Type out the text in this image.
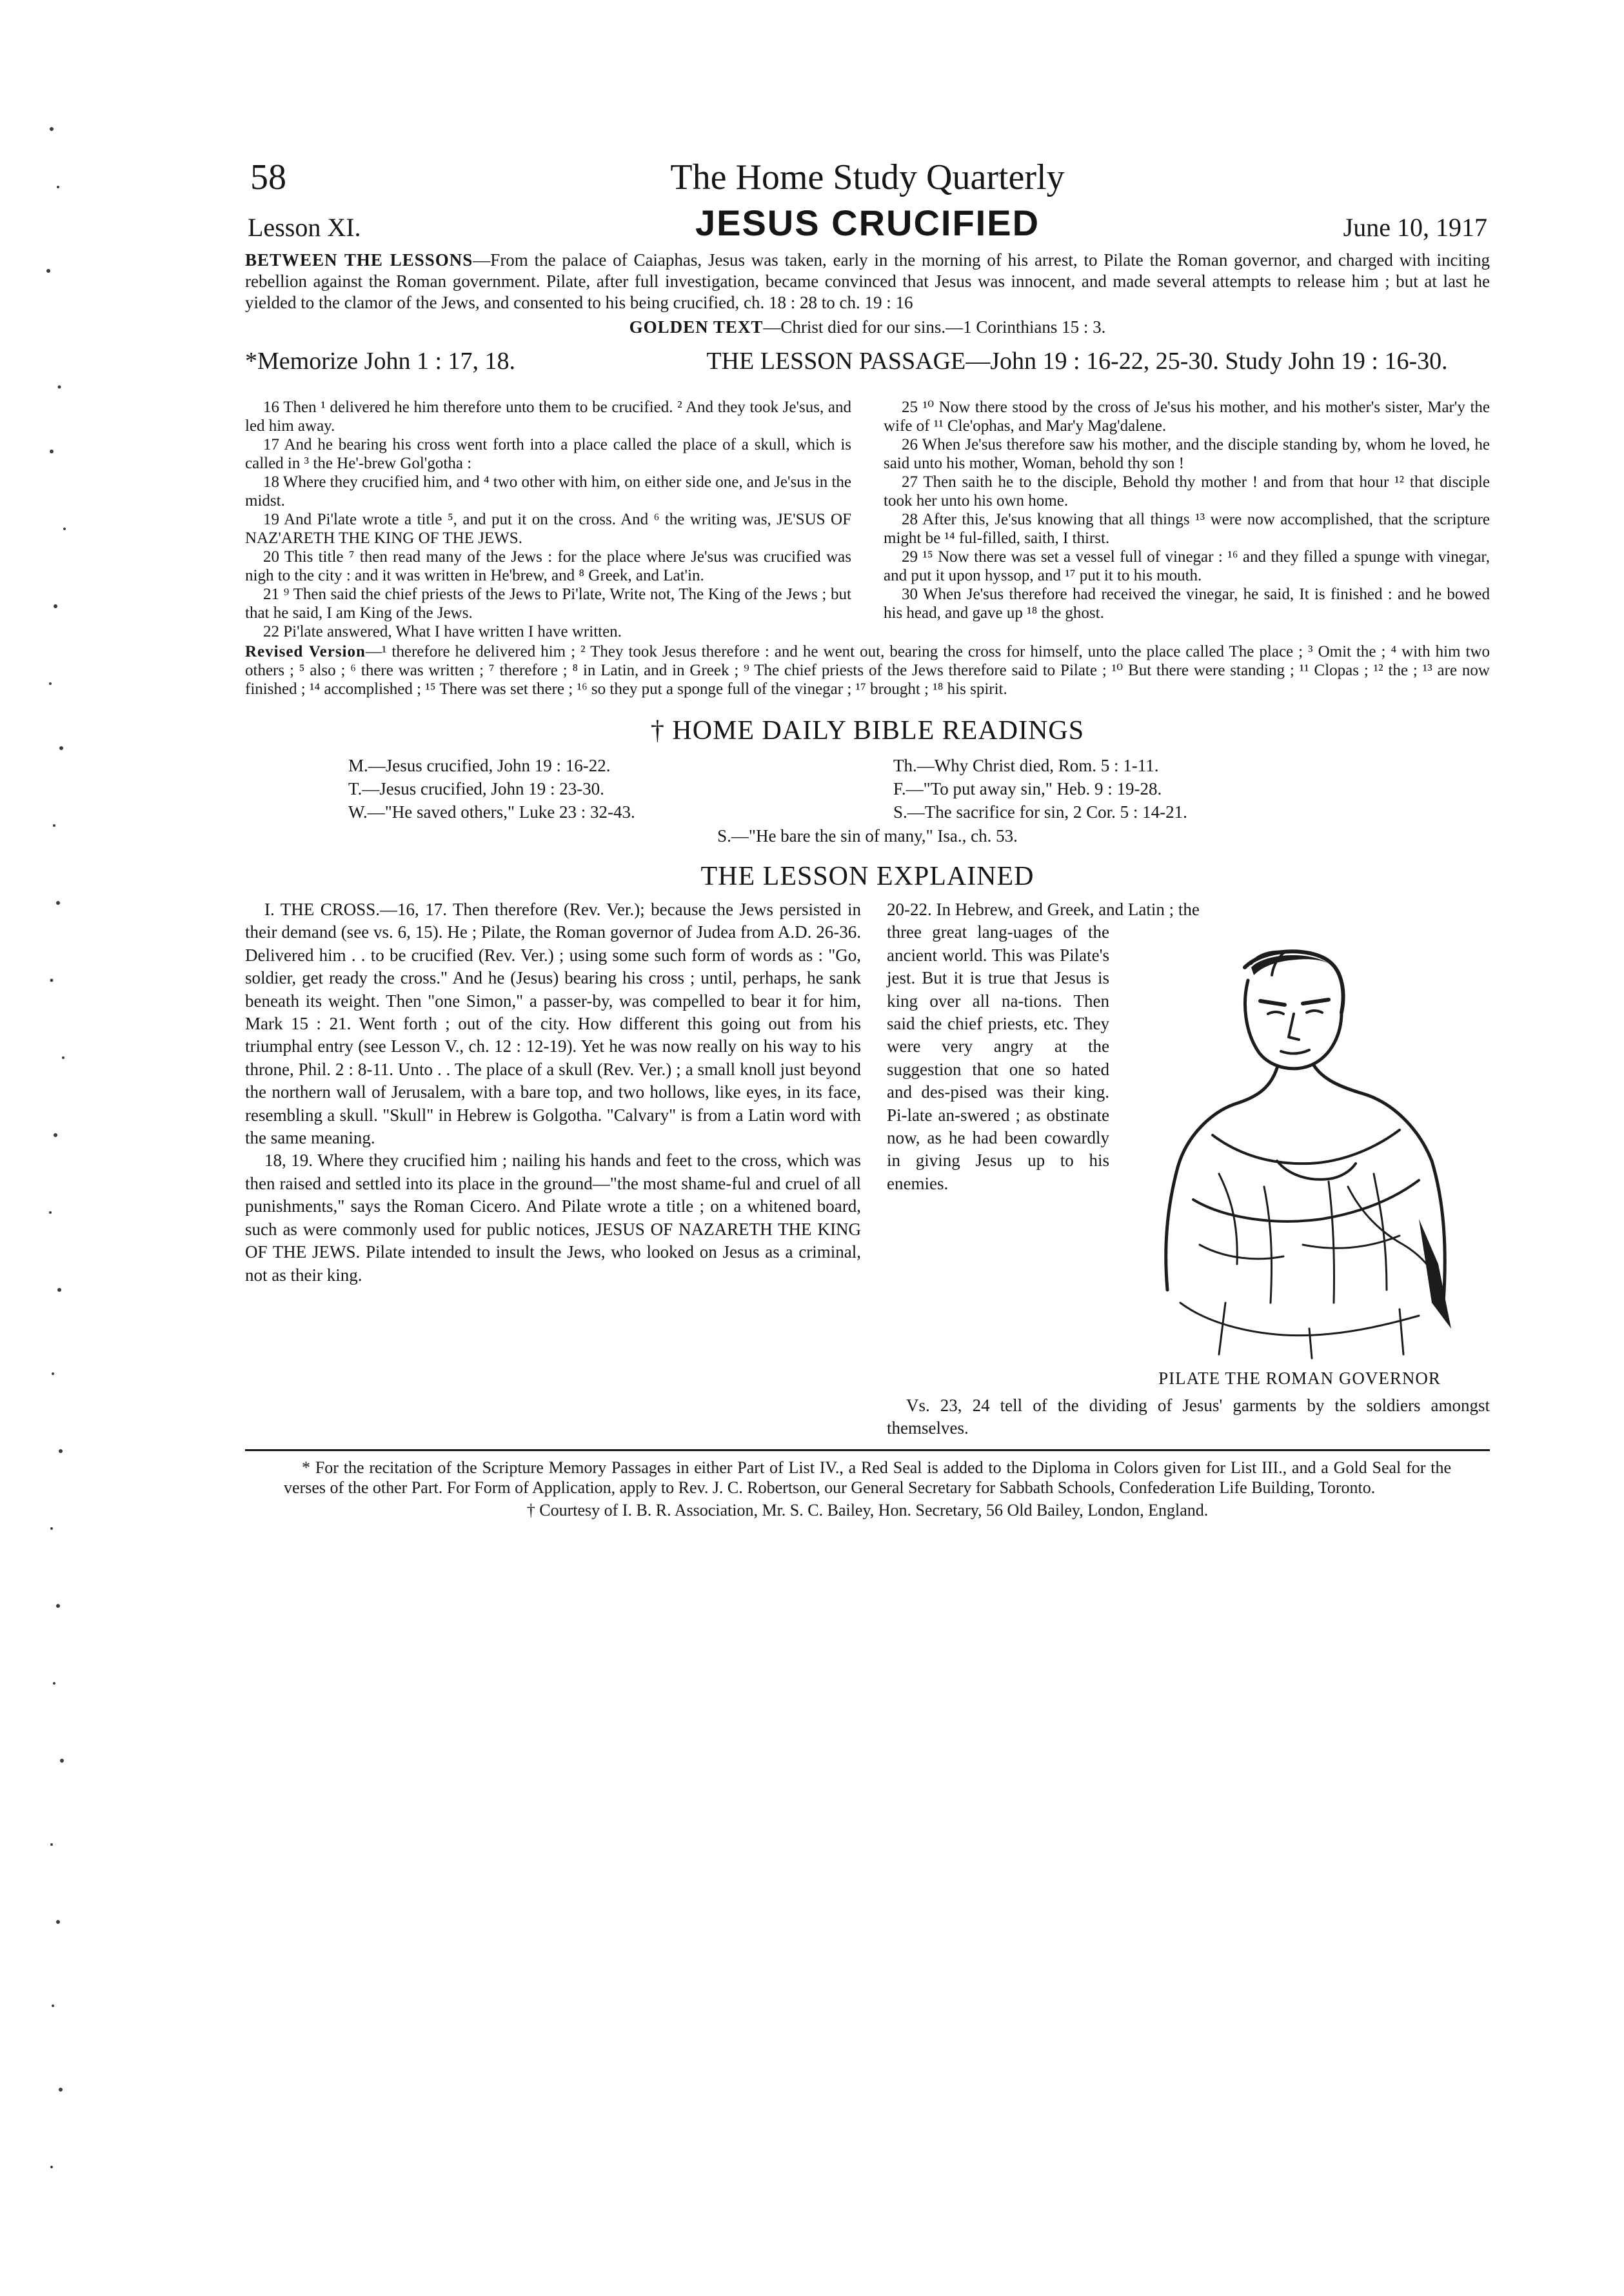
58	The Home Study Quarterly
Lesson XI.	JESUS CRUCIFIED	June 10, 1917
BETWEEN THE LESSONS—From the palace of Caiaphas, Jesus was taken, early in the morning of his arrest, to Pilate the Roman governor, and charged with inciting rebellion against the Roman government. Pilate, after full investigation, became convinced that Jesus was innocent, and made several attempts to release him ; but at last he yielded to the clamor of the Jews, and consented to his being crucified, ch. 18 : 28 to ch. 19 : 16
GOLDEN TEXT—Christ died for our sins.—1 Corinthians 15 : 3.
*Memorize John 1 : 17, 18.	THE LESSON PASSAGE—John 19 : 16-22, 25-30. Study John 19 : 16-30.

16 Then ¹ delivered he him therefore unto them to be crucified. ² And they took Je'sus, and led him away.

17 And he bearing his cross went forth into a place called the place of a skull, which is called in ³ the He'-brew Gol'gotha :

18 Where they crucified him, and ⁴ two other with him, on either side one, and Je'sus in the midst.

19 And Pi'late wrote a title ⁵, and put it on the cross. And ⁶ the writing was, JE'SUS OF NAZ'ARETH THE KING OF THE JEWS.

20 This title ⁷ then read many of the Jews : for the place where Je'sus was crucified was nigh to the city : and it was written in He'brew, and ⁸ Greek, and Lat'in.

21 ⁹ Then said the chief priests of the Jews to Pi'late, Write not, The King of the Jews ; but that he said, I am King of the Jews.

22 Pi'late answered, What I have written I have written.

25 ¹⁰ Now there stood by the cross of Je'sus his mother, and his mother's sister, Mar'y the wife of ¹¹ Cle'ophas, and Mar'y Mag'dalene.

26 When Je'sus therefore saw his mother, and the disciple standing by, whom he loved, he said unto his mother, Woman, behold thy son !

27 Then saith he to the disciple, Behold thy mother ! and from that hour ¹² that disciple took her unto his own home.

28 After this, Je'sus knowing that all things ¹³ were now accomplished, that the scripture might be ¹⁴ ful-filled, saith, I thirst.

29 ¹⁵ Now there was set a vessel full of vinegar : ¹⁶ and they filled a spunge with vinegar, and put it upon hyssop, and ¹⁷ put it to his mouth.

30 When Je'sus therefore had received the vinegar, he said, It is finished : and he bowed his head, and gave up ¹⁸ the ghost.

Revised Version—¹ therefore he delivered him ; ² They took Jesus therefore : and he went out, bearing the cross for himself, unto the place called The place ; ³ Omit the ; ⁴ with him two others ; ⁵ also ; ⁶ there was written ; ⁷ therefore ; ⁸ in Latin, and in Greek ; ⁹ The chief priests of the Jews therefore said to Pilate ; ¹⁰ But there were standing ; ¹¹ Clopas ; ¹² the ; ¹³ are now finished ; ¹⁴ accomplished ; ¹⁵ There was set there ; ¹⁶ so they put a sponge full of the vinegar ; ¹⁷ brought ; ¹⁸ his spirit.
† HOME DAILY BIBLE READINGS
M.—Jesus crucified, John 19 : 16-22.	Th.—Why Christ died, Rom. 5 : 1-11.
T.—Jesus crucified, John 19 : 23-30.	F.—"To put away sin," Heb. 9 : 19-28.
W.—"He saved others," Luke 23 : 32-43.	S.—The sacrifice for sin, 2 Cor. 5 : 14-21.
S.—"He bare the sin of many," Isa., ch. 53.
THE LESSON EXPLAINED

I. THE CROSS.—16, 17. Then therefore (Rev. Ver.); because the Jews persisted in their demand (see vs. 6, 15). He ; Pilate, the Roman governor of Judea from A.D. 26-36. Delivered him . . to be crucified (Rev. Ver.) ; using some such form of words as : "Go, soldier, get ready the cross." And he (Jesus) bearing his cross ; until, perhaps, he sank beneath its weight. Then "one Simon," a passer-by, was compelled to bear it for him, Mark 15 : 21. Went forth ; out of the city. How different this going out from his triumphal entry (see Lesson V., ch. 12 : 12-19). Yet he was now really on his way to his throne, Phil. 2 : 8-11. Unto . . The place of a skull (Rev. Ver.) ; a small knoll just beyond the northern wall of Jerusalem, with a bare top, and two hollows, like eyes, in its face, resembling a skull. "Skull" in Hebrew is Golgotha. "Calvary" is from a Latin word with the same meaning.

18, 19. Where they crucified him ; nailing his hands and feet to the cross, which was then raised and settled into its place in the ground—"the most shame-ful and cruel of all punishments," says the Roman Cicero. And Pilate wrote a title ; on a whitened board, such as were commonly used for public notices, JESUS OF NAZARETH THE KING OF THE JEWS. Pilate intended to insult the Jews, who looked on Jesus as a criminal, not as their king.

20-22. In Hebrew, and Greek, and Latin ; the
three great lang-uages of the ancient world. This was Pilate's jest. But it is true that Jesus is king over all na-tions. Then said the chief priests, etc. They were very angry at the suggestion that one so hated and des-pised was their king. Pi-late an-swered ; as obstinate now, as he had been cowardly in giving Jesus up to his enemies.
PILATE THE ROMAN GOVERNOR
Vs. 23, 24 tell of the dividing of Jesus' garments by the soldiers amongst themselves.

* For the recitation of the Scripture Memory Passages in either Part of List IV., a Red Seal is added to the Diploma in Colors given for List III., and a Gold Seal for the verses of the other Part. For Form of Application, apply to Rev. J. C. Robertson, our General Secretary for Sabbath Schools, Confederation Life Building, Toronto.

† Courtesy of I. B. R. Association, Mr. S. C. Bailey, Hon. Secretary, 56 Old Bailey, London, England.
